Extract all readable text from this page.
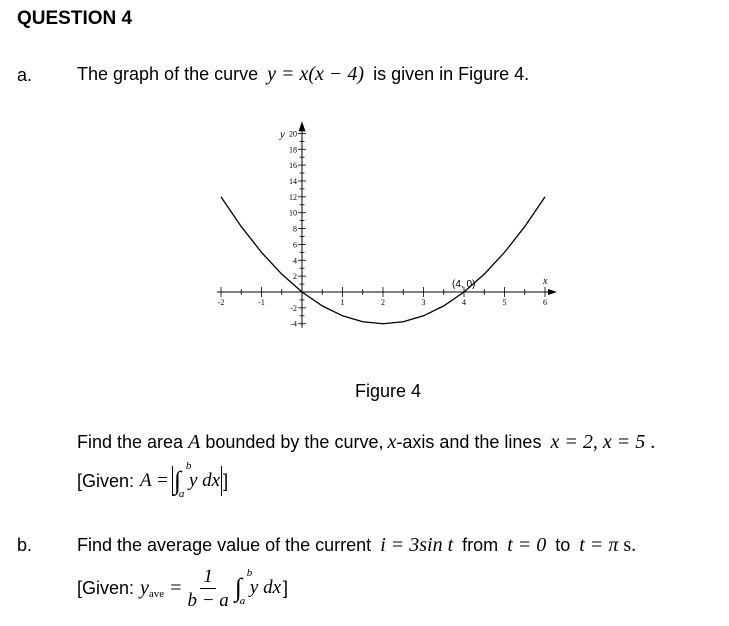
QUESTION 4
a. The graph of the curve y = x(x − 4) is given in Figure 4.
-2	-1	1	2	3	4	5	6
-4
-2
2
4
6
8
10
12
14
16
18
20
x
y
(4, 0)
Figure 4
Find the area A bounded by the curve, x-axis and the lines x = 2, x = 5 .
[Given: A = ∫ b
a
y dx ]
b. Find the average value of the current i = 3sin t from t = 0 to t = π s.
[Given: y ave = $\frac{1}{b - a}$ ∫ b
a
y dx ]
